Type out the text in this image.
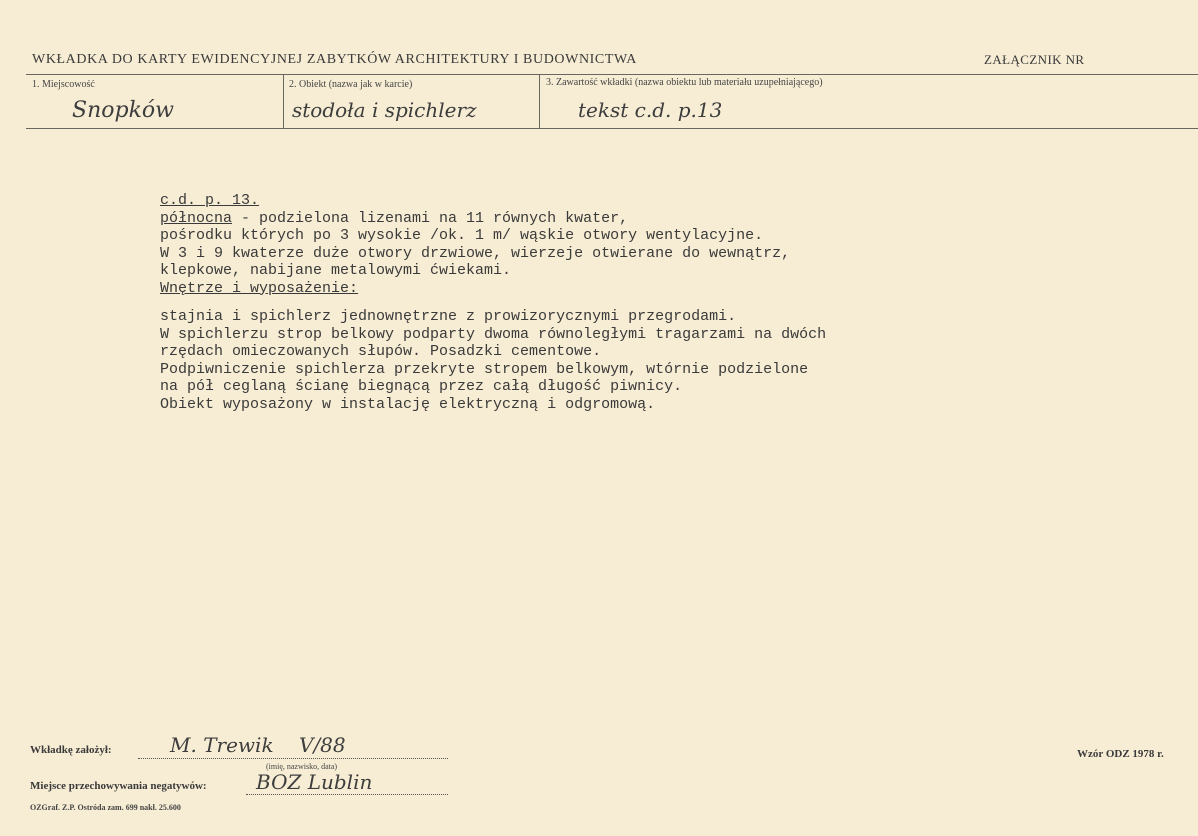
WKŁADKA DO KARTY EWIDENCYJNEJ ZABYTKÓW ARCHITEKTURY I BUDOWNICTWA	ZAŁĄCZNIK NR
1. Miejscowość
Snopków
2. Obiekt (nazwa jak w karcie)
stodoła i spichlerz
3. Zawartość wkładki (nazwa obiektu lub materiału uzupełniającego)
tekst c.d. p.13
c.d. p. 13.
północna - podzielona lizenami na 11 równych kwater,
pośrodku których po 3 wysokie /ok. 1 m/ wąskie otwory wentylacyjne.
W 3 i 9 kwaterze duże otwory drzwiowe, wierzeje otwierane do wewnątrz,
klepkowe, nabijane metalowymi ćwiekami.
Wnętrze i wyposażenie:
stajnia i spichlerz jednownętrzne z prowizorycznymi przegrodami.
W spichlerzu strop belkowy podparty dwoma równoległymi tragarzami na dwóch
rzędach omieczowanych słupów. Posadzki cementowe.
Podpiwniczenie spichlerza przekryte stropem belkowym, wtórnie podzielone
na pół ceglaną ścianę biegnącą przez całą długość piwnicy.
Obiekt wyposażony w instalację elektryczną i odgromową.
Wkładkę założył:	M. Trewik    V/88
(imię, nazwisko, data)
Miejsce przechowywania negatywów: BOZ Lublin
Wzór ODZ 1978 r.
OZGraf. Z.P. Ostróda zam. 699 nakł. 25.600
